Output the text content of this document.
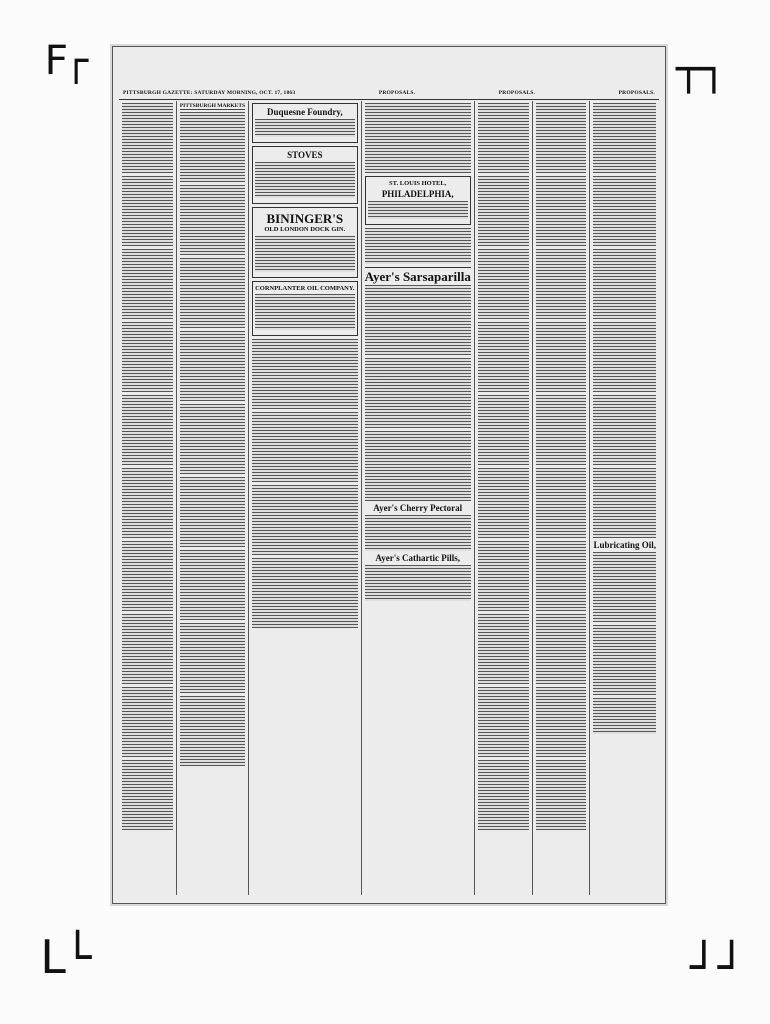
F┌	┬┐
L└	┘┘
PITTSBURGH GAZETTE: SATURDAY MORNING, OCT. 17, 1863	PROPOSALS.	PROPOSALS.	PROPOSALS.
PITTSBURGH MARKETS
Duquesne Foundry,
STOVES
BININGER'S
OLD LONDON DOCK GIN.
CORNPLANTER OIL COMPANY.
ST. LOUIS HOTEL,
PHILADELPHIA,
Ayer's Sarsaparilla
Ayer's Cherry Pectoral
Ayer's Cathartic Pills,
Lubricating Oil,
